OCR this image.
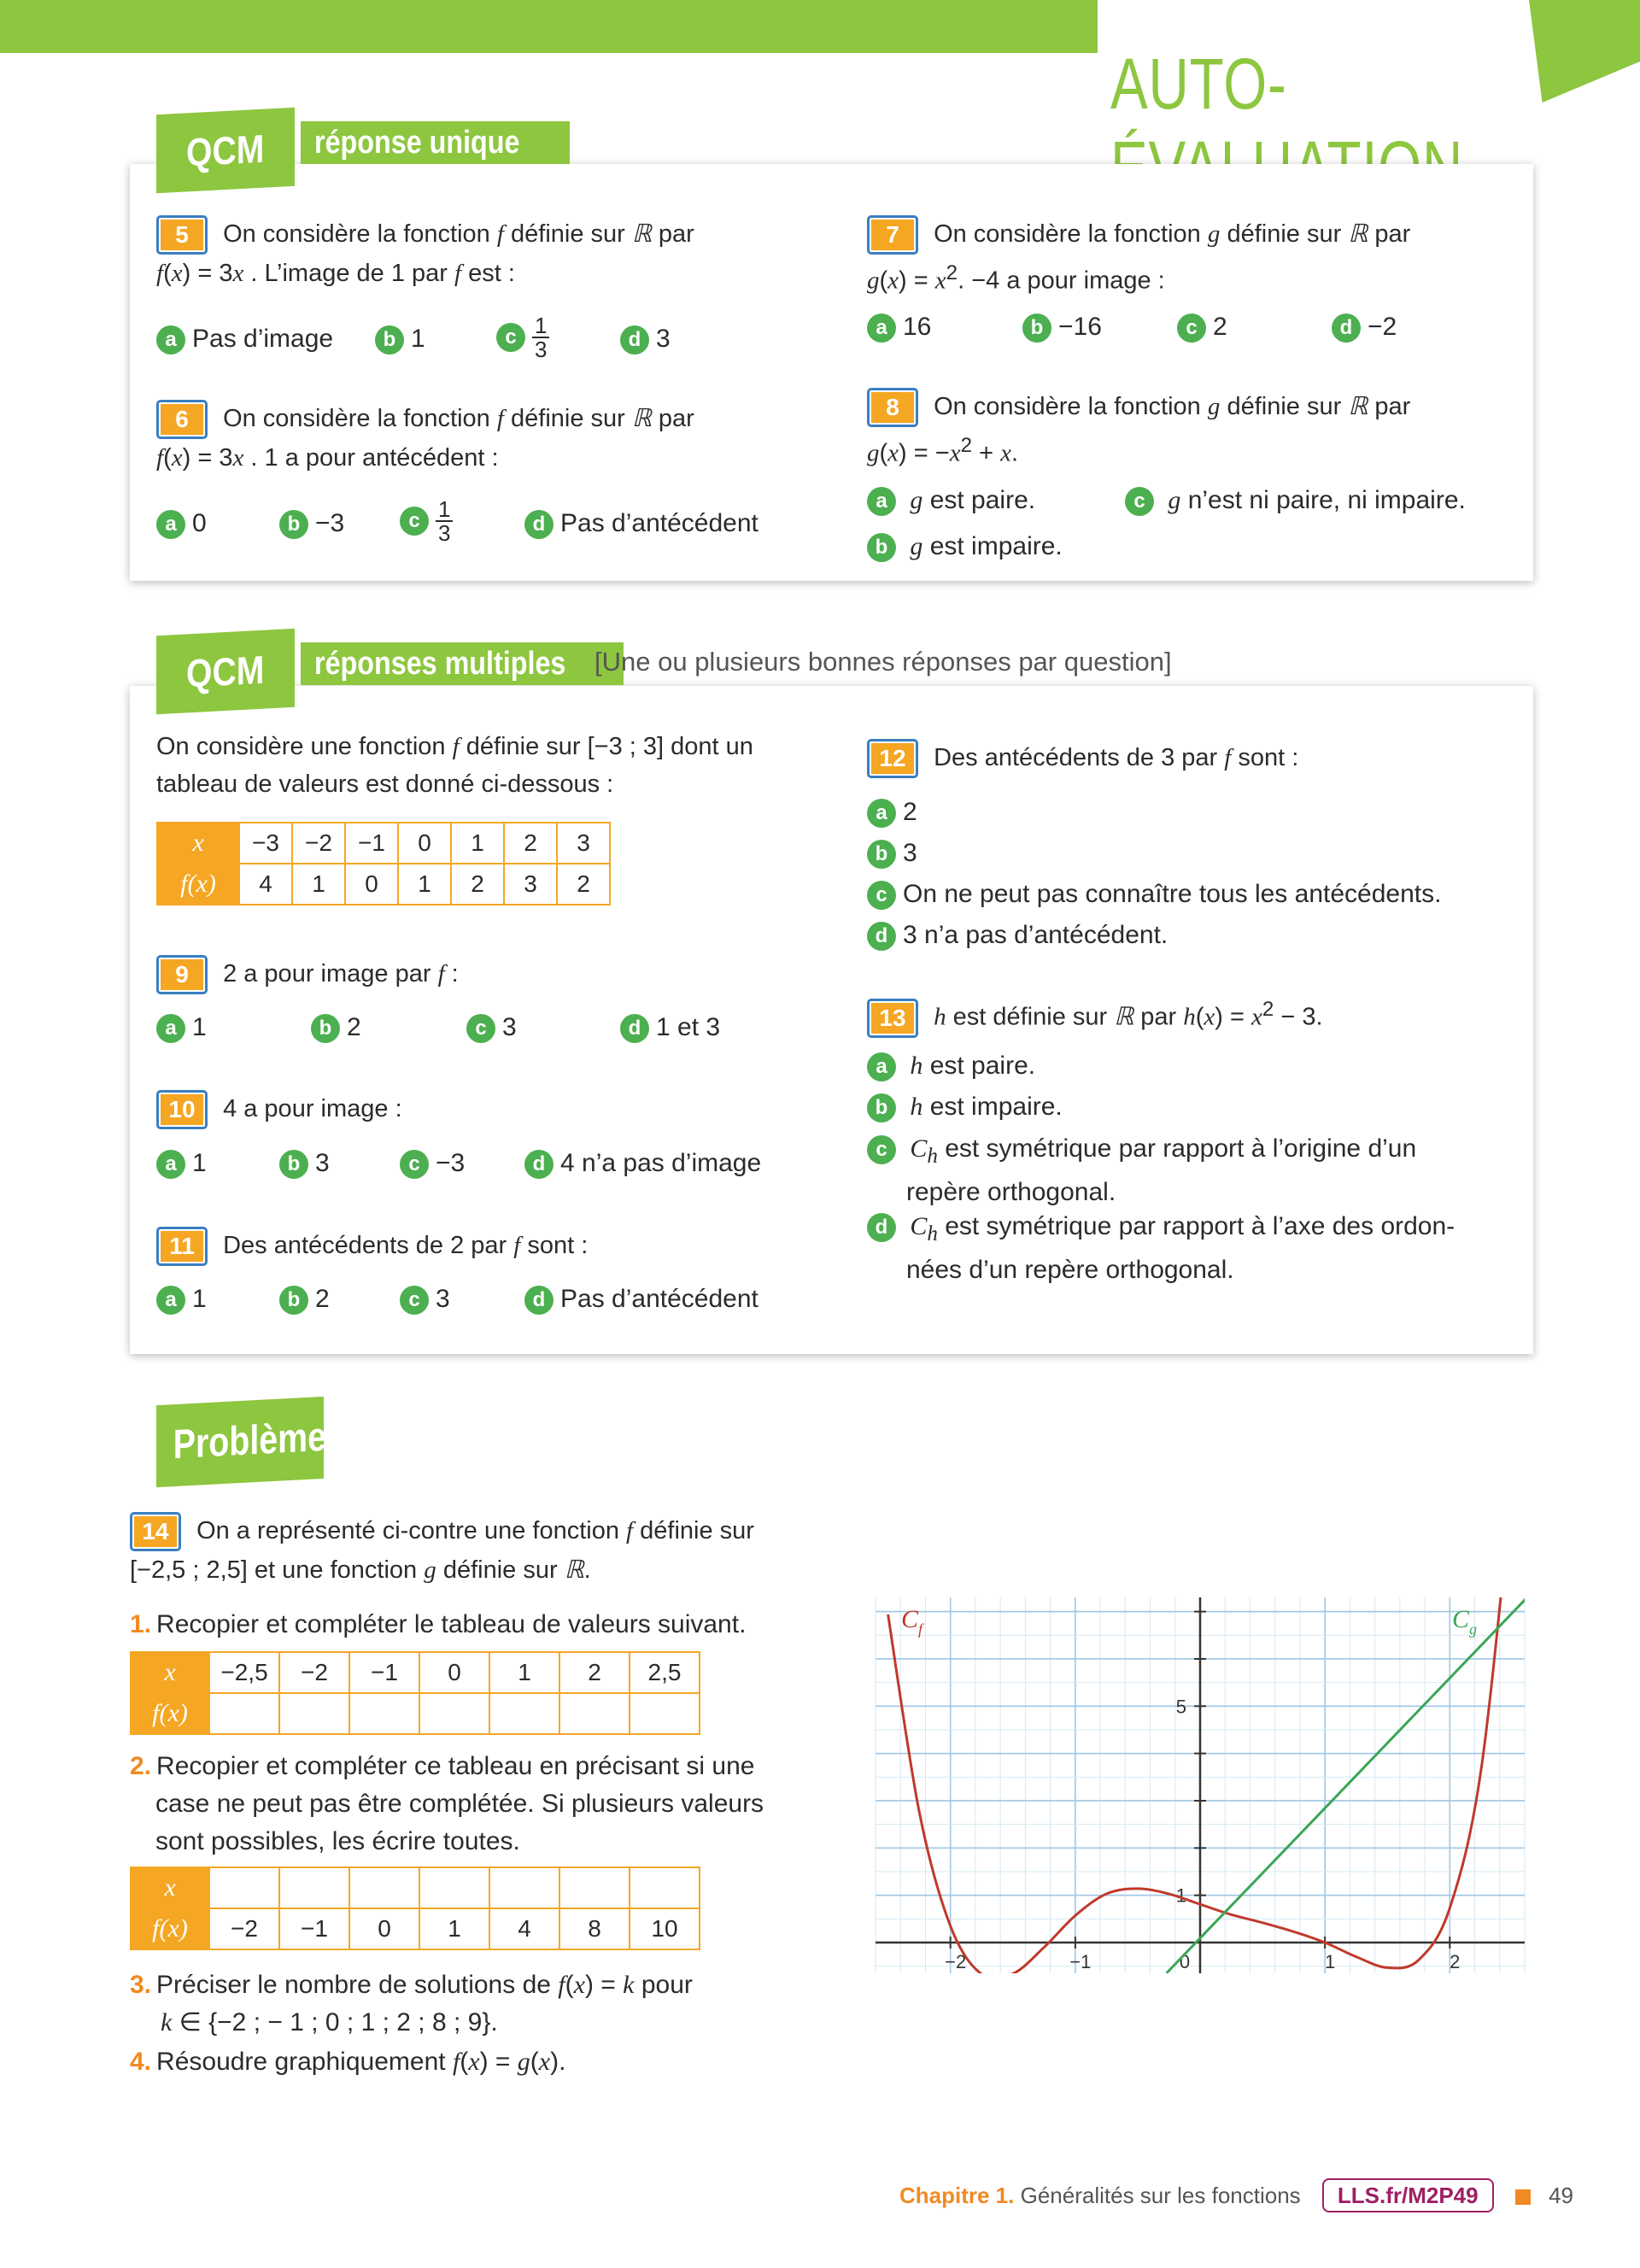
AUTO-
QCM	réponse unique
5 On considère la fonction f définie sur ℝ par
f(x) = 3x . L’image de 1 par f est :
a Pas d’image	b 1	c $\frac{1}{3}$	d 3
6 On considère la fonction f définie sur ℝ par
f(x) = 3x . 1 a pour antécédent :
a 0	b −3	c $\frac{1}{3}$	d Pas d’antécédent
7 On considère la fonction g définie sur ℝ par
$g(x) = x^2$. −4 a pour image :
a 16	b −16	c 2	d −2
8 On considère la fonction g définie sur ℝ par
$g(x) = -x^2 + x$.
a g est paire.
b g est impaire.
c g n’est ni paire, ni impaire.
QCM	réponses multiples	[Une ou plusieurs bonnes réponses par question]
On considère une fonction f définie sur [−3 ; 3] dont un
tableau de valeurs est donné ci-dessous :
x	−3	−2	−1	0	1	2	3
f(x)	4	1	0	1	2	3	2
9 2 a pour image par f :
a 1	b 2	c 3	d 1 et 3
10 4 a pour image :
a 1	b 3	c −3	d 4 n’a pas d’image
11 Des antécédents de 2 par f sont :
a 1	b 2	c 3	d Pas d’antécédent
12 Des antécédents de 3 par f sont :
a 2
b 3
c On ne peut pas connaître tous les antécédents.
d 3 n’a pas d’antécédent.
13 h est définie sur ℝ par $h(x) = x^2 - 3$.
a h est paire.
b h est impaire.
c $C_h$ est symétrique par rapport à l’origine d’un
repère orthogonal.
d $C_h$ est symétrique par rapport à l’axe des ordon-
nées d’un repère orthogonal.
Problème
14 On a représenté ci-contre une fonction f définie sur
[−2,5 ; 2,5] et une fonction g définie sur ℝ.
1. Recopier et compléter le tableau de valeurs suivant.
x	−2,5	−2	−1	0	1	2	2,5
f(x)							
2. Recopier et compléter ce tableau en précisant si une
case ne peut pas être complétée. Si plusieurs valeurs
sont possibles, les écrire toutes.
x							
f(x)	−2	−1	0	1	4	8	10
3. Préciser le nombre de solutions de f(x) = k pour
k ∈ {−2 ; − 1 ; 0 ; 1 ; 2 ; 8 ; 9}.
4. Résoudre graphiquement f(x) = g(x).
−2	−1	0	1	2
1
5
$C_f$	$C_g$
Chapitre 1. Généralités sur les fonctions LLS.fr/M2P49	49
